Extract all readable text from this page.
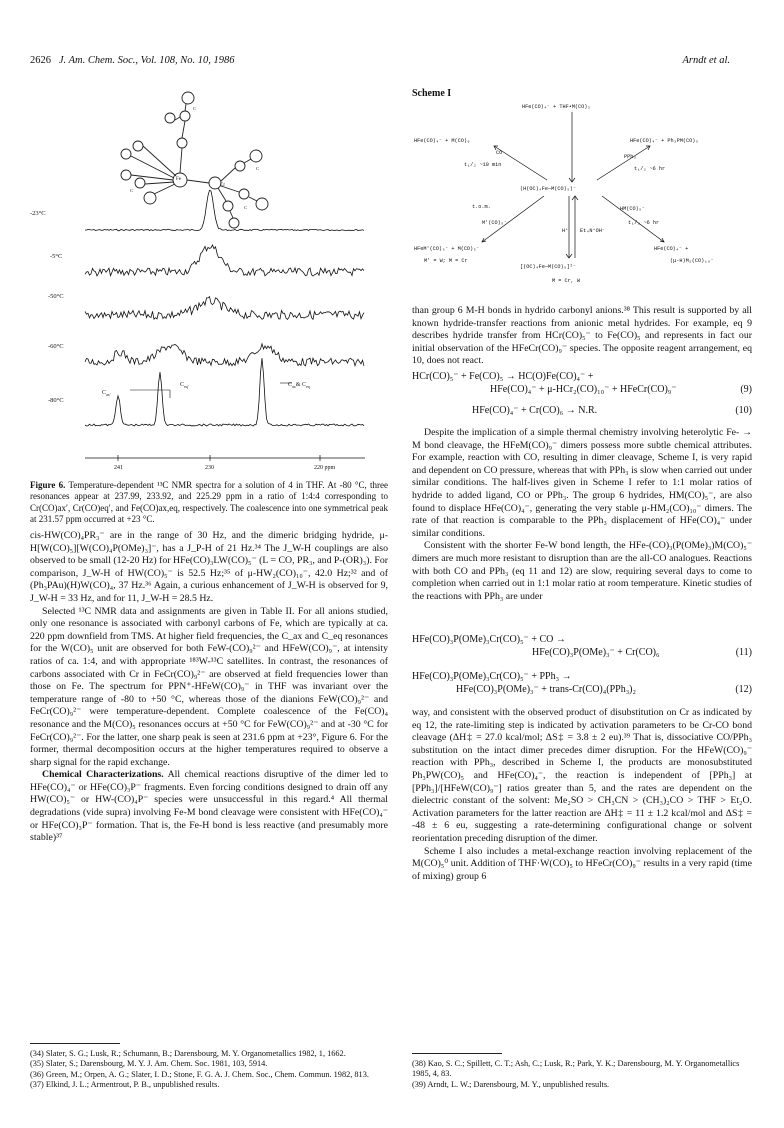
2626 J. Am. Chem. Soc., Vol. 108, No. 10, 1986	Arndt et al.
Cr
Fe
C
C
C
C
-23°C
-5°C
-50°C
-60°C
-80°C
$C_{ax'}$
$C_{eq'}$	$C_{ax}\&$ $C_{eq}$
241	230	220 ppm
Figure 6. Temperature-dependent ¹³C NMR spectra for a solution of 4 in THF. At -80 °C, three resonances appear at 237.99, 233.92, and 225.29 ppm in a ratio of 1:4:4 corresponding to Cr(CO)ax′, Cr(CO)eq′, and Fe(CO)ax,eq, respectively. The coalescence into one symmetrical peak at 231.57 ppm occurred at +23 °C.

cis-HW(CO)₄PR₃⁻ are in the range of 30 Hz, and the dimeric bridging hydride, μ-H[W(CO)₅][W(CO)₄P(OMe)₃]⁻, has a J_P-H of 21 Hz.³⁴ The J_W-H couplings are also observed to be small (12-20 Hz) for HFe(CO)₃LW(CO)₅⁻ (L = CO, PR₃, and P-(OR)₃). For comparison, J_W-H of HW(CO)₅⁻ is 52.5 Hz;³⁵ of μ-HW₂(CO)₁₀⁻, 42.0 Hz;³² and of (Ph₃PAu)(H)W(CO)₄, 37 Hz.³⁶ Again, a curious enhancement of J_W-H is observed for 9, J_W-H = 33 Hz, and for 11, J_W-H = 28.5 Hz.

Selected ¹³C NMR data and assignments are given in Table II. For all anions studied, only one resonance is associated with carbonyl carbons of Fe, which are typically at ca. 220 ppm downfield from TMS. At higher field frequencies, the C_ax and C_eq resonances for the W(CO)₅ unit are observed for both FeW-(CO)₉²⁻ and HFeW(CO)₉⁻, at intensity ratios of ca. 1:4, and with appropriate ¹⁸³W-¹³C satellites. In contrast, the resonances of carbons associated with Cr in FeCr(CO)₉²⁻ are observed at field frequencies lower than those on Fe. The spectrum for PPN⁺-HFeW(CO)₉⁻ in THF was invariant over the temperature range of -80 to +50 °C, whereas those of the dianions FeW(CO)₉²⁻ and FeCr(CO)₉²⁻ were temperature-dependent. Complete coalescence of the Fe(CO)₄ resonance and the M(CO)₅ resonances occurs at +50 °C for FeW(CO)₉²⁻ and at -30 °C for FeCr(CO)₉²⁻. For the latter, one sharp peak is seen at 231.6 ppm at +23°, Figure 6. For the former, thermal decomposition occurs at the higher temperatures required to observe a sharp signal for the rapid exchange.

Chemical Characterizations. All chemical reactions disruptive of the dimer led to HFe(CO)₄⁻ or HFe(CO)₃P⁻ fragments. Even forcing conditions designed to drain off any HW(CO)₅⁻ or HW-(CO)₄P⁻ species were unsuccessful in this regard.⁴ All thermal degradations (vide supra) involving Fe-M bond cleavage were consistent with HFe(CO)₄⁻ or HFe(CO)₃P⁻ formation. That is, the Fe-H bond is less reactive (and presumably more stable)³⁷

(34) Slater, S. G.; Lusk, R.; Schumann, B.; Darensbourg, M. Y. Organometallics 1982, 1, 1662.
(35) Slater, S.; Darensbourg, M. Y. J. Am. Chem. Soc. 1981, 103, 5914.
(36) Green, M.; Orpen, A. G.; Slater, I. D.; Stone, F. G. A. J. Chem. Soc., Chem. Commun. 1982, 813.
(37) Elkind, J. L.; Armentrout, P. B., unpublished results.
Scheme I
HFe(CO)₄⁻ + THF•M(CO)₅
HFe(CO)₄⁻ + M(CO)₆	HFe(CO)₄⁻ + Ph₃PM(CO)₅
CO
t₁/₂ ~10 min
PPh₃
t₁/₂ ~6 hr
(H(OC)₄Fe—M(CO)₅)⁻
t.o.m.
M'(CO)₅⁻
HM(CO)₅⁻
t₁/₂ ~6 hr
H⁺ Et₄N⁺OH⁻
HFeM'(CO)₉⁻ + M(CO)₅⁻
M' = W; M = Cr
HFe(CO)₄⁻ +
(μ-H)M₂(CO)₁₀⁻
[(OC)₄Fe—M(CO)₅]²⁻
M = Cr, W

than group 6 M-H bonds in hydrido carbonyl anions.³⁸ This result is supported by all known hydride-transfer reactions from anionic metal hydrides. For example, eq 9 describes hydride transfer from HCr(CO)₅⁻ to Fe(CO)₅ and represents in fact our initial observation of the HFeCr(CO)₉⁻ species. The opposite reagent arrangement, eq 10, does not react.

HCr(CO)₅⁻ + Fe(CO)₅ → HC(O)Fe(CO)₄⁻ +
HFe(CO)₄⁻ + μ-HCr₂(CO)₁₀⁻ + HFeCr(CO)₉⁻	(9)
HFe(CO)₄⁻ + Cr(CO)₆ → N.R.	(10)

Despite the implication of a simple thermal chemistry involving heterolytic Fe- → M bond cleavage, the HFeM(CO)₉⁻ dimers possess more subtle chemical attributes. For example, reaction with CO, resulting in dimer cleavage, Scheme I, is very rapid and dependent on CO pressure, whereas that with PPh₃ is slow when carried out under similar conditions. The half-lives given in Scheme I refer to 1:1 molar ratios of hydride to added ligand, CO or PPh₃. The group 6 hydrides, HM(CO)₅⁻, are also found to displace HFe(CO)₄⁻, generating the very stable μ-HM₂(CO)₁₀⁻ dimers. The rate of that reaction is comparable to the PPh₃ displacement of HFe(CO)₄⁻ under similar conditions.

Consistent with the shorter Fe-W bond length, the HFe-(CO)₃(P(OMe)₃)M(CO)₅⁻ dimers are much more resistant to disruption than are the all-CO analogues. Reactions with both CO and PPh₃ (eq 11 and 12) are slow, requiring several days to come to completion when carried out in 1:1 molar ratio at room temperature. Kinetic studies of the reactions with PPh₃ are under

HFe(CO)₃P(OMe)₃Cr(CO)₅⁻ + CO →
HFe(CO)₃P(OMe)₃⁻ + Cr(CO)₆	(11)
HFe(CO)₃P(OMe)₃Cr(CO)₅⁻ + PPh₃ →
HFe(CO)₃P(OMe)₃⁻ + trans-Cr(CO)₄(PPh₃)₂	(12)

way, and consistent with the observed product of disubstitution on Cr as indicated by eq 12, the rate-limiting step is indicated by activation parameters to be Cr-CO bond cleavage (ΔH‡ = 27.0 kcal/mol; ΔS‡ = 3.8 ± 2 eu).³⁹ That is, dissociative CO/PPh₃ substitution on the intact dimer precedes dimer disruption. For the HFeW(CO)₉⁻ reaction with PPh₃, described in Scheme I, the products are monosubstituted Ph₃PW(CO)₅ and HFe(CO)₄⁻, the reaction is independent of [PPh₃] at [PPh₃]/[HFeW(CO)₉⁻] ratios greater than 5, and the rates are dependent on the dielectric constant of the solvent: Me₂SO > CH₃CN > (CH₃)₂CO > THF > Et₂O. Activation parameters for the latter reaction are ΔH‡ = 11 ± 1.2 kcal/mol and ΔS‡ = -48 ± 6 eu, suggesting a rate-determining configurational change or solvent reorientation preceding disruption of the dimer.

Scheme I also includes a metal-exchange reaction involving replacement of the M(CO)₅⁰ unit. Addition of THF·W(CO)₅ to HFeCr(CO)₉⁻ results in a very rapid (time of mixing) group 6

(38) Kao, S. C.; Spillett, C. T.; Ash, C.; Lusk, R.; Park, Y. K.; Darensbourg, M. Y. Organometallics 1985, 4, 83.
(39) Arndt, L. W.; Darensbourg, M. Y., unpublished results.
